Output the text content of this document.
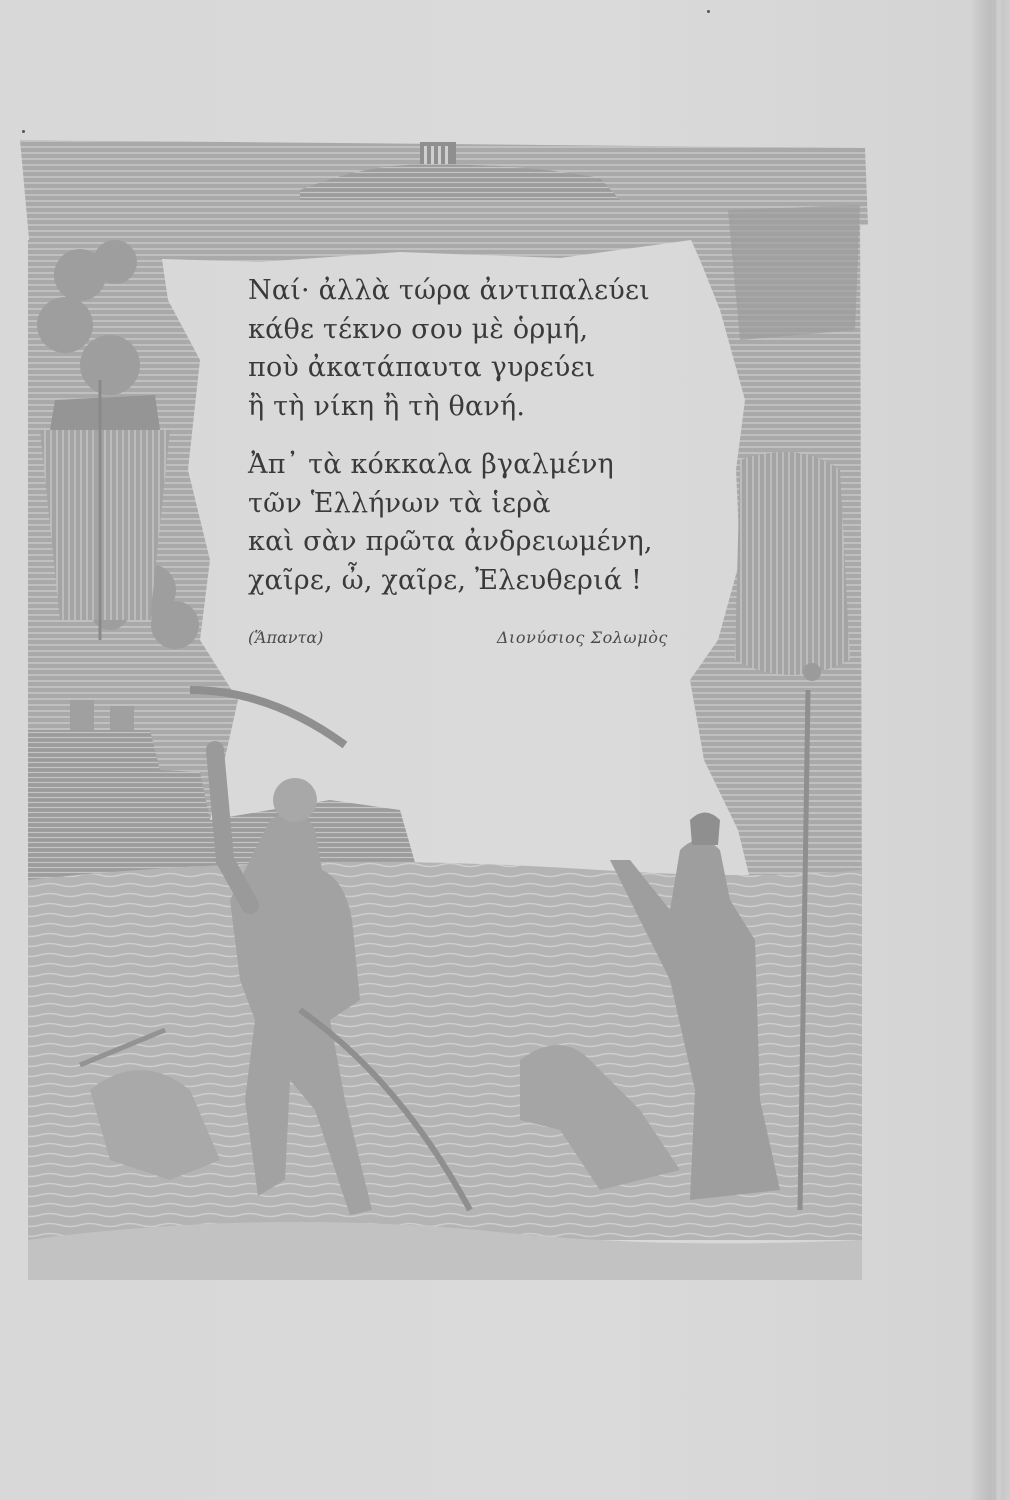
Ναί· ἀλλὰ τώρα ἀντιπαλεύει
κάθε τέκνο σου μὲ ὁρμή,
ποὺ ἀκατάπαυτα γυρεύει
ἢ τὴ νίκη ἢ τὴ θανή.
Ἀπ᾿ τὰ κόκκαλα βγαλμένη
τῶν Ἑλλήνων τὰ ἱερὰ
καὶ σὰν πρῶτα ἀνδρειωμένη,
χαῖρε, ὦ, χαῖρε, Ἐλευθεριά !
(Ἅπαντα)	Διονύσιος Σολωμὸς
